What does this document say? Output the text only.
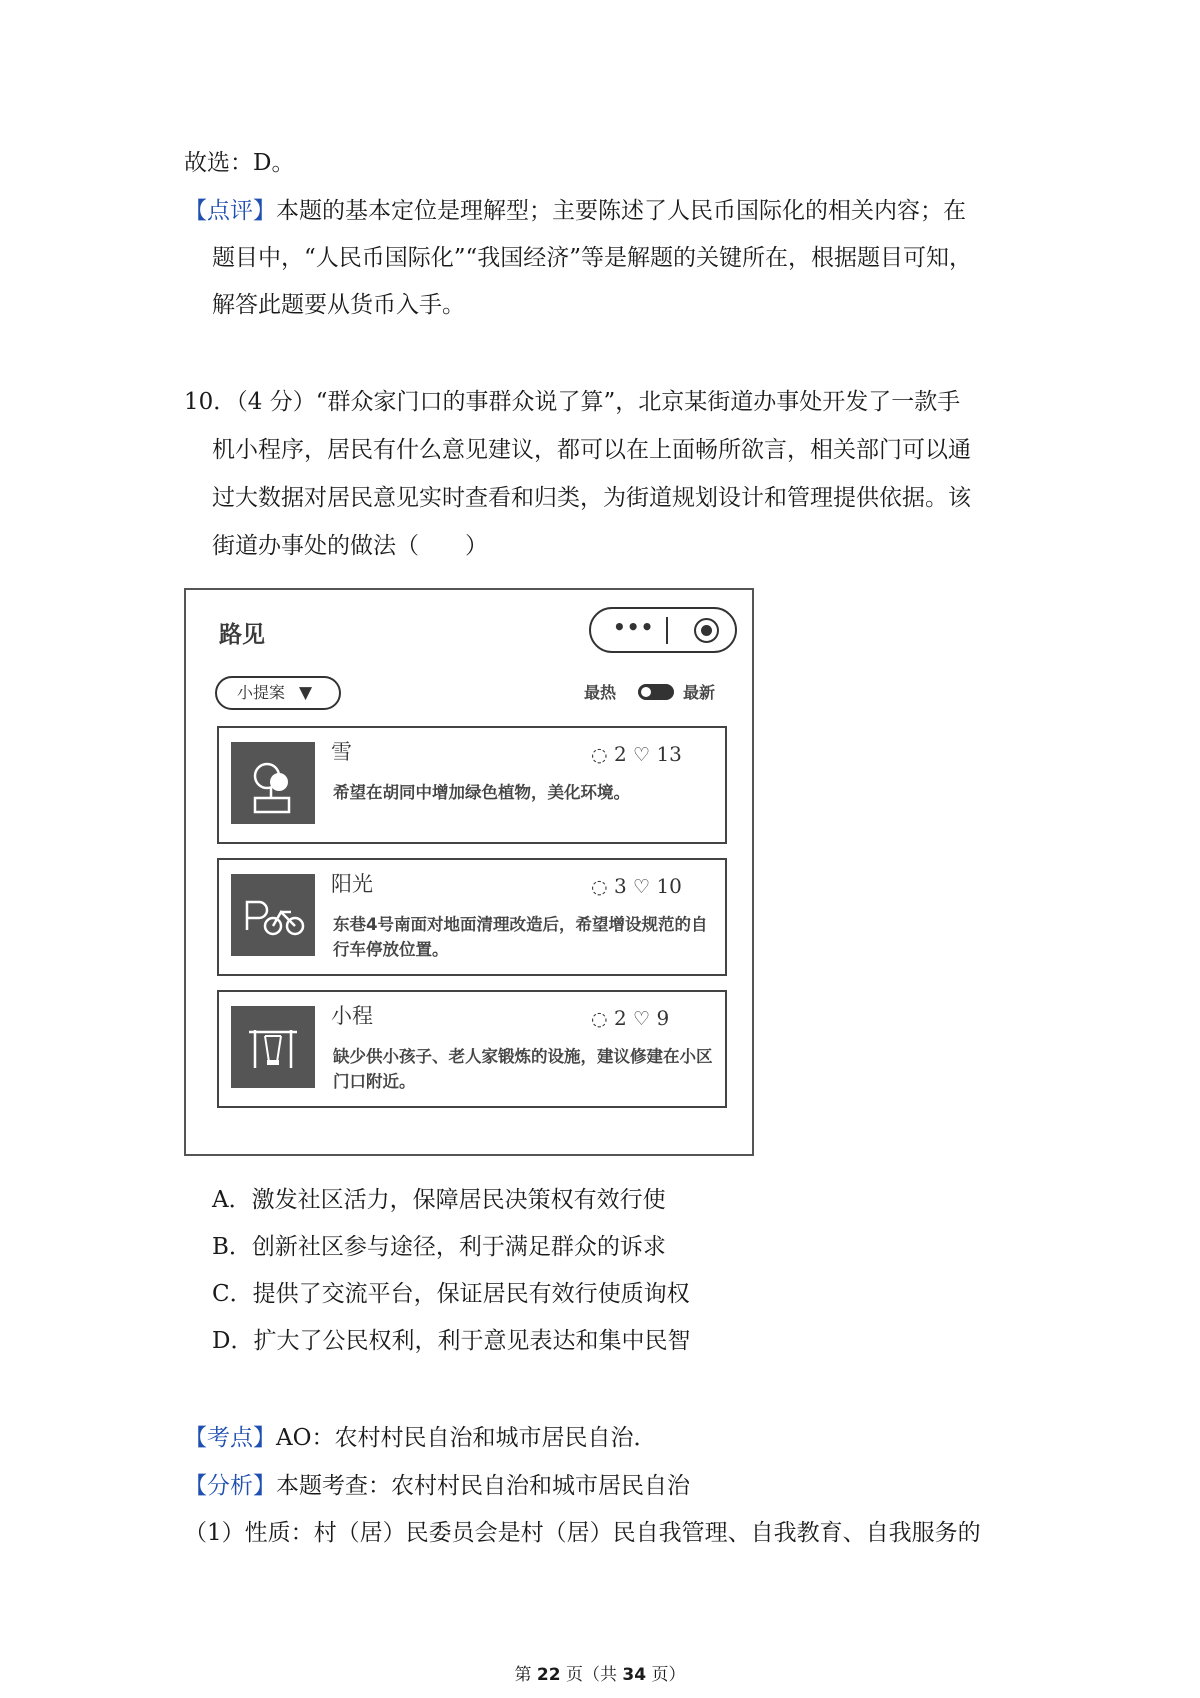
故选：D。
【点评】本题的基本定位是理解型；主要陈述了人民币国际化的相关内容；在
题目中，“人民币国际化”“我国经济”等是解题的关键所在，根据题目可知，
解答此题要从货币入手。
10．（4 分）“群众家门口的事群众说了算”，北京某街道办事处开发了一款手
机小程序，居民有什么意见建议，都可以在上面畅所欲言，相关部门可以通
过大数据对居民意见实时查看和归类，为街道规划设计和管理提供依据。该
街道办事处的做法（　　）
路见	•••
小提案 ▼	最热	最新
雪	◌ 2 ♡ 13
希望在胡同中增加绿色植物，美化环境。
阳光	◌ 3 ♡ 10
东巷4号南面对地面清理改造后，希望增设规范的自行车停放位置。
小程	◌ 2 ♡ 9
缺少供小孩子、老人家锻炼的设施，建议修建在小区门口附近。
A．激发社区活力，保障居民决策权有效行使
B．创新社区参与途径，利于满足群众的诉求
C．提供了交流平台，保证居民有效行使质询权
D．扩大了公民权利，利于意见表达和集中民智
【考点】AO：农村村民自治和城市居民自治．
【分析】本题考查：农村村民自治和城市居民自治
（1）性质：村（居）民委员会是村（居）民自我管理、自我教育、自我服务的
第 22 页（共 34 页）
